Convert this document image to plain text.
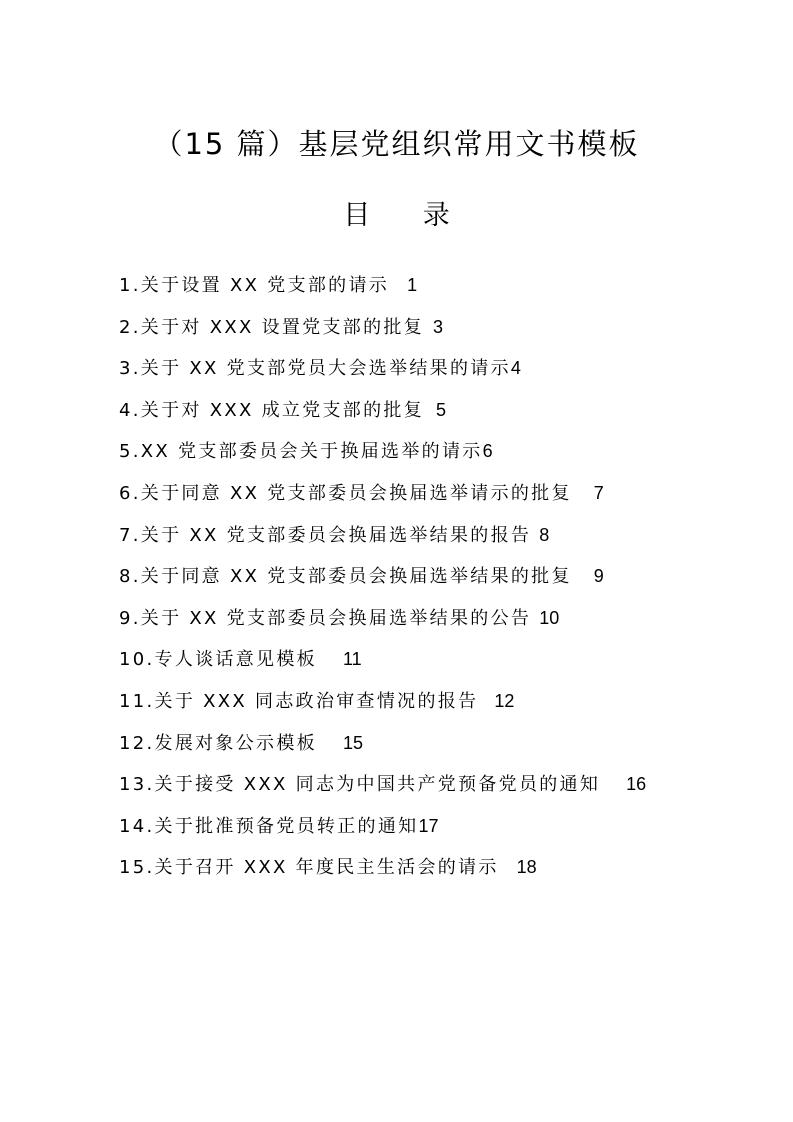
（15 篇）基层党组织常用文书模板
目 录
1.关于设置 XX 党支部的请示 1
2.关于对 XXX 设置党支部的批复 3
3.关于 XX 党支部党员大会选举结果的请示4
4.关于对 XXX 成立党支部的批复 5
5.XX 党支部委员会关于换届选举的请示6
6.关于同意 XX 党支部委员会换届选举请示的批复 7
7.关于 XX 党支部委员会换届选举结果的报告 8
8.关于同意 XX 党支部委员会换届选举结果的批复 9
9.关于 XX 党支部委员会换届选举结果的公告 10
10.专人谈话意见模板 11
11.关于 XXX 同志政治审查情况的报告 12
12.发展对象公示模板 15
13.关于接受 XXX 同志为中国共产党预备党员的通知 16
14.关于批准预备党员转正的通知17
15.关于召开 XXX 年度民主生活会的请示 18
